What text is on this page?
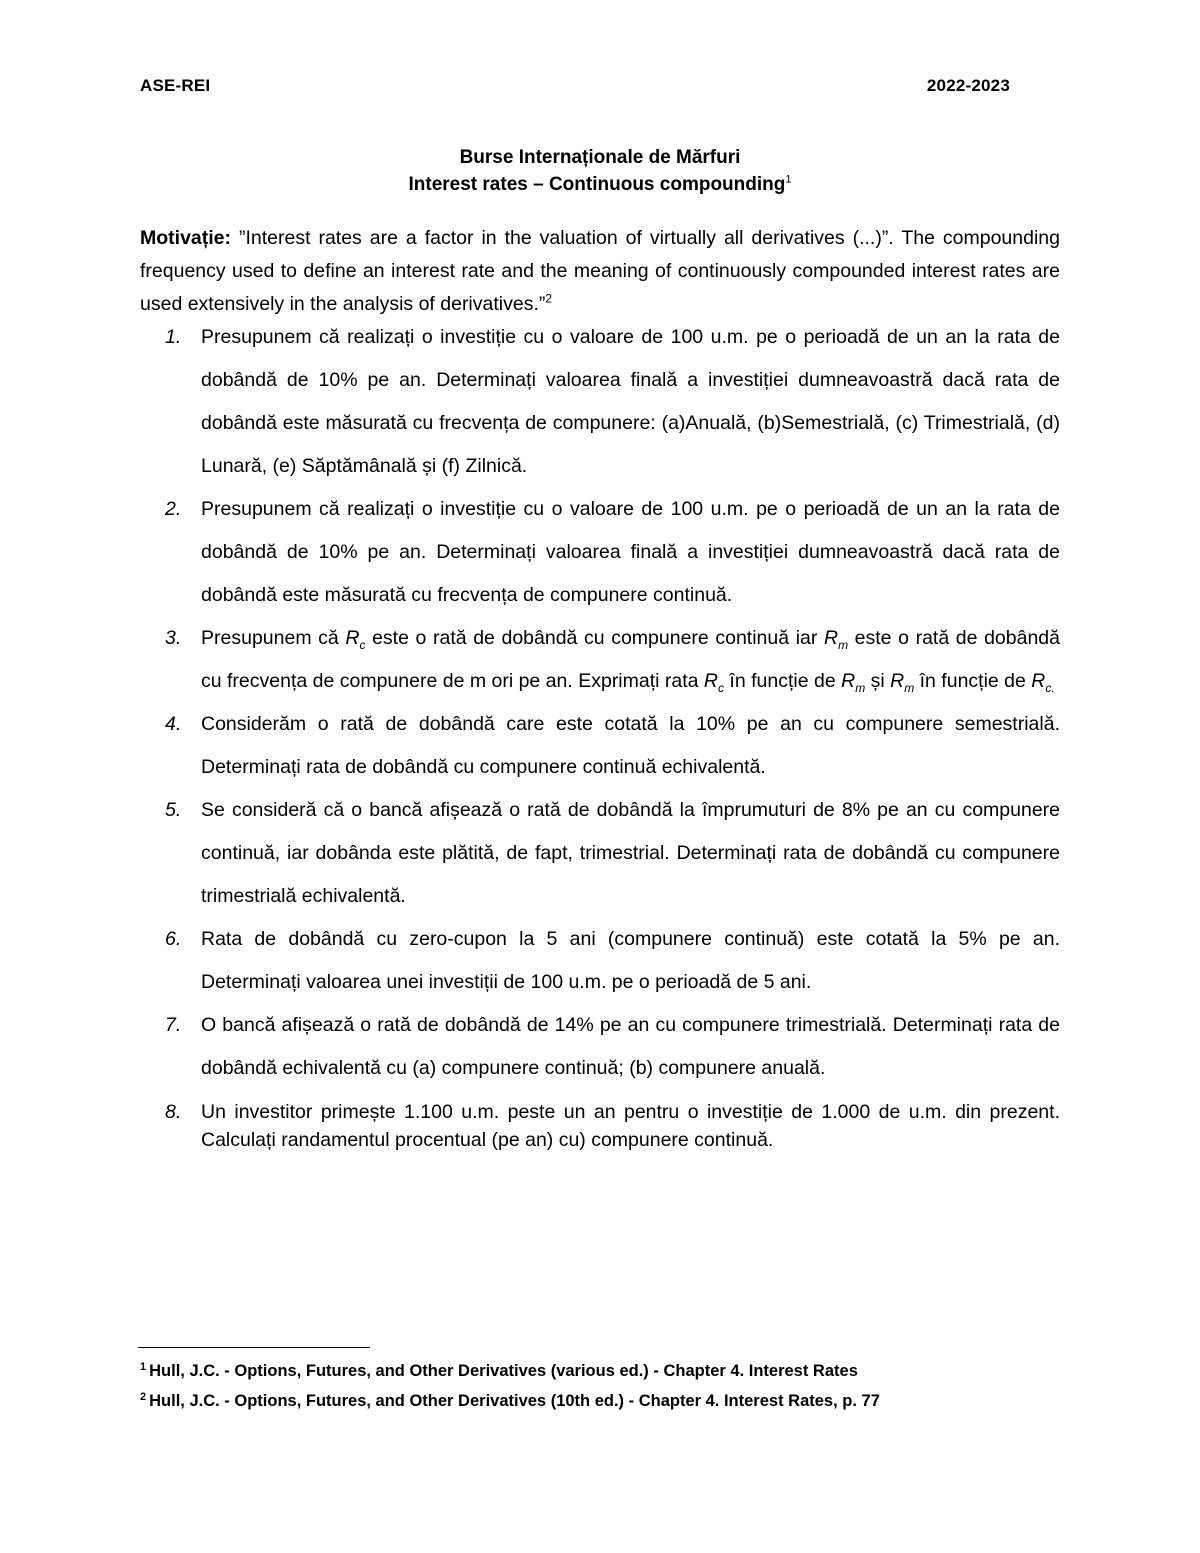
ASE-REI	2022-2023
Burse Internaționale de Mărfuri
Interest rates – Continuous compounding$^1$
Motivație: ”Interest rates are a factor in the valuation of virtually all derivatives (...)”. The compounding frequency used to define an interest rate and the meaning of continuously compounded interest rates are used extensively in the analysis of derivatives.”$^2$
1. Presupunem că realizați o investiție cu o valoare de 100 u.m. pe o perioadă de un an la rata de dobândă de 10% pe an. Determinați valoarea finală a investiției dumneavoastră dacă rata de dobândă este măsurată cu frecvența de compunere: (a)Anuală, (b)Semestrială, (c) Trimestrială, (d) Lunară, (e) Săptămânală și (f) Zilnică.
2. Presupunem că realizați o investiție cu o valoare de 100 u.m. pe o perioadă de un an la rata de dobândă de 10% pe an. Determinați valoarea finală a investiției dumneavoastră dacă rata de dobândă este măsurată cu frecvența de compunere continuă.
3. Presupunem că $R_c$ este o rată de dobândă cu compunere continuă iar $R_m$ este o rată de dobândă cu frecvența de compunere de m ori pe an. Exprimați rata $R_c$ în funcție de $R_m$ și $R_m$ în funcție de $R_{c.}$
4. Considerăm o rată de dobândă care este cotată la 10% pe an cu compunere semestrială. Determinați rata de dobândă cu compunere continuă echivalentă.
5. Se consideră că o bancă afișează o rată de dobândă la împrumuturi de 8% pe an cu compunere continuă, iar dobânda este plătită, de fapt, trimestrial. Determinați rata de dobândă cu compunere trimestrială echivalentă.
6. Rata de dobândă cu zero-cupon la 5 ani (compunere continuă) este cotată la 5% pe an. Determinați valoarea unei investiții de 100 u.m. pe o perioadă de 5 ani.
7. O bancă afișează o rată de dobândă de 14% pe an cu compunere trimestrială. Determinați rata de dobândă echivalentă cu (a) compunere continuă; (b) compunere anuală.
8. Un investitor primește 1.100 u.m. peste un an pentru o investiție de 1.000 de u.m. din prezent. Calculați randamentul procentual (pe an) cu) compunere continuă.
$^1$ Hull, J.C. - Options, Futures, and Other Derivatives (various ed.) - Chapter 4. Interest Rates
$^2$ Hull, J.C. - Options, Futures, and Other Derivatives (10th ed.) - Chapter 4. Interest Rates, p. 77
